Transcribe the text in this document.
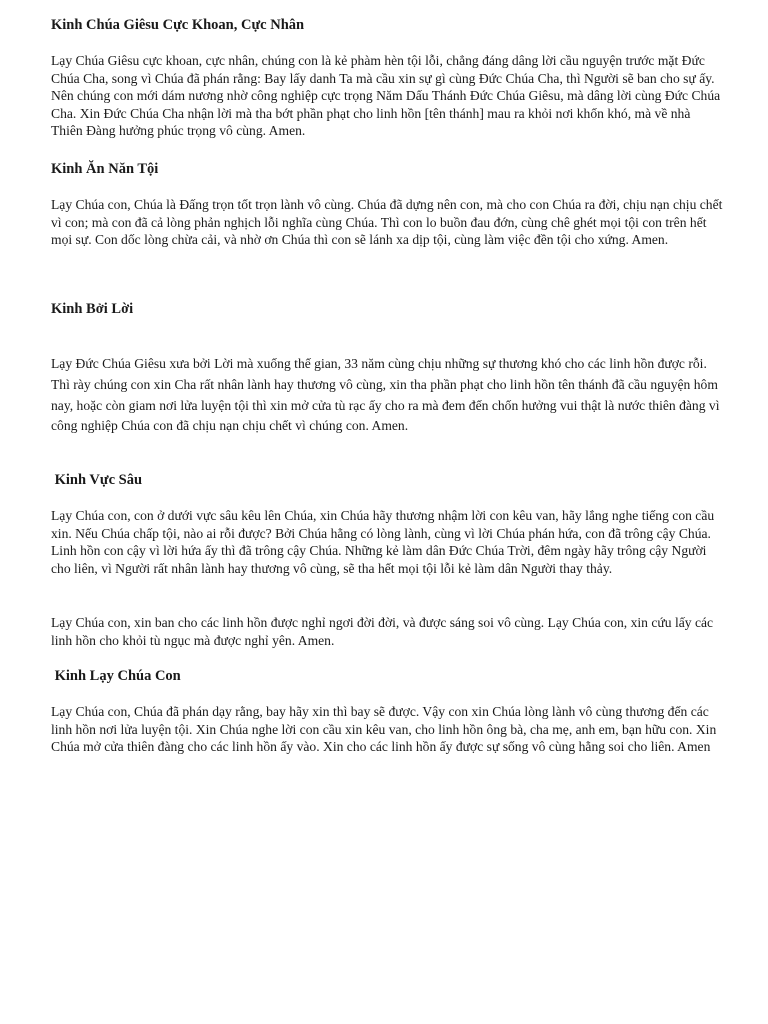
Kinh Chúa Giêsu Cực Khoan, Cực Nhân

Lạy Chúa Giêsu cực khoan, cực nhân, chúng con là kẻ phàm hèn tội lỗi, chẳng đáng dâng lời cầu nguyện trước mặt Đức Chúa Cha, song vì Chúa đã phán rằng: Bay lấy danh Ta mà cầu xin sự gì cùng Đức Chúa Cha, thì Người sẽ ban cho sự ấy. Nên chúng con mới dám nương nhờ công nghiệp cực trọng Năm Dấu Thánh Đức Chúa Giêsu, mà dâng lời cùng Đức Chúa Cha. Xin Đức Chúa Cha nhận lời mà tha bớt phần phạt cho linh hồn [tên thánh] mau ra khỏi nơi khốn khó, mà về nhà Thiên Đàng hưởng phúc trọng vô cùng. Amen.

Kinh Ăn Năn Tội

Lạy Chúa con, Chúa là Đấng trọn tốt trọn lành vô cùng. Chúa đã dựng nên con, mà cho con Chúa ra đời, chịu nạn chịu chết vì con; mà con đã cả lòng phản nghịch lỗi nghĩa cùng Chúa. Thì con lo buồn đau đớn, cùng chê ghét mọi tội con trên hết mọi sự. Con dốc lòng chừa cải, và nhờ ơn Chúa thì con sẽ lánh xa dịp tội, cùng làm việc đền tội cho xứng. Amen.

Kinh Bởi Lời

Lạy Đức Chúa Giêsu xưa bởi Lời mà xuống thế gian, 33 năm cùng chịu những sự thương khó cho các linh hồn được rỗi. Thì rày chúng con xin Cha rất nhân lành hay thương vô cùng, xin tha phần phạt cho linh hồn tên thánh đã cầu nguyện hôm nay, hoặc còn giam nơi lửa luyện tội thì xin mở cửa tù rạc ấy cho ra mà đem đến chốn hưởng vui thật là nước thiên đàng vì công nghiệp Chúa con đã chịu nạn chịu chết vì chúng con. Amen.

Kinh Vực Sâu

Lạy Chúa con, con ở dưới vực sâu kêu lên Chúa, xin Chúa hãy thương nhậm lời con kêu van, hãy lắng nghe tiếng con cầu xin. Nếu Chúa chấp tội, nào ai rỗi được? Bởi Chúa hằng có lòng lành, cùng vì lời Chúa phán hứa, con đã trông cậy Chúa. Linh hồn con cậy vì lời hứa ấy thì đã trông cậy Chúa. Những kẻ làm dân Đức Chúa Trời, đêm ngày hãy trông cậy Người cho liên, vì Người rất nhân lành hay thương vô cùng, sẽ tha hết mọi tội lỗi kẻ làm dân Người thay thảy.

Lạy Chúa con, xin ban cho các linh hồn được nghỉ ngơi đời đời, và được sáng soi vô cùng. Lạy Chúa con, xin cứu lấy các linh hồn cho khỏi tù ngục mà được nghỉ yên. Amen.

Kinh Lạy Chúa Con

Lạy Chúa con, Chúa đã phán dạy rằng, bay hãy xin thì bay sẽ được. Vậy con xin Chúa lòng lành vô cùng thương đến các linh hồn nơi lửa luyện tội. Xin Chúa nghe lời con cầu xin kêu van, cho linh hồn ông bà, cha mẹ, anh em, bạn hữu con. Xin Chúa mở cửa thiên đàng cho các linh hồn ấy vào. Xin cho các linh hồn ấy được sự sống vô cùng hằng soi cho liên. Amen
